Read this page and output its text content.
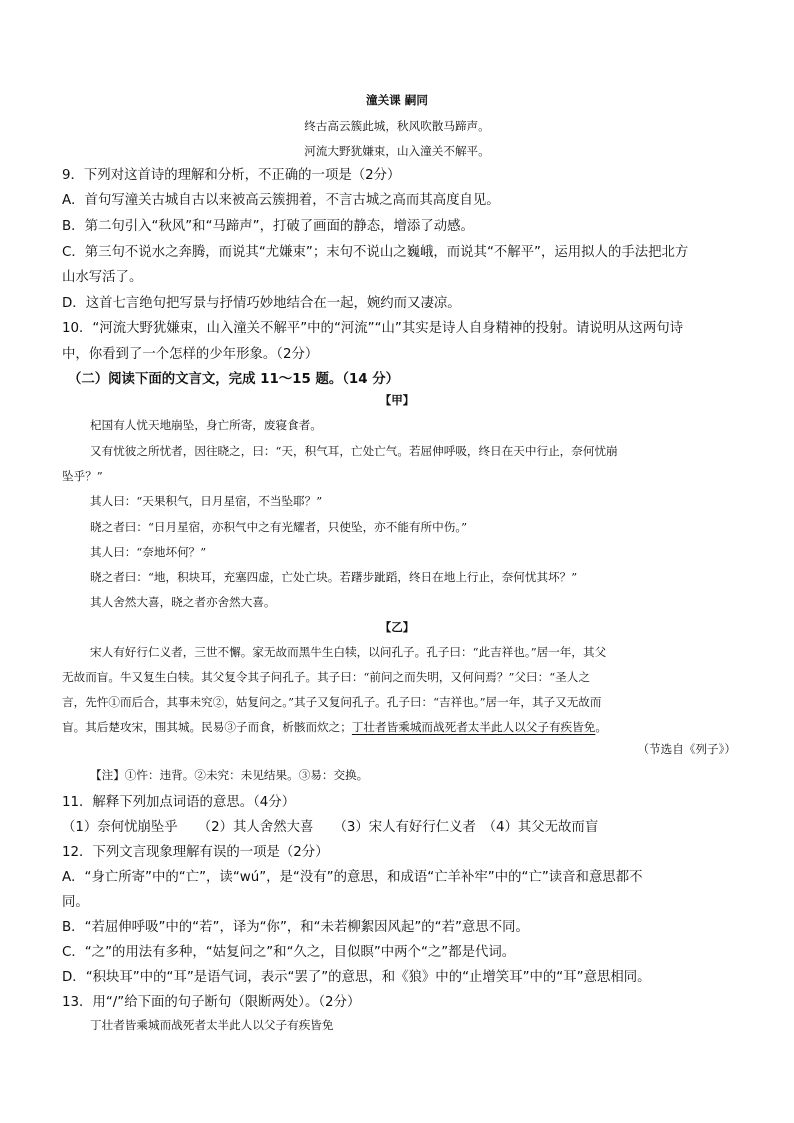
潼关课 嗣同
终古高云簇此城，秋风吹散马蹄声。
河流大野犹嫌束，山入潼关不解平。
9．下列对这首诗的理解和分析，不正确的一项是（2分）
A．首句写潼关古城自古以来被高云簇拥着，不言古城之高而其高度自见。
B．第二句引入“秋风”和“马蹄声”，打破了画面的静态，增添了动感。
C．第三句不说水之奔腾，而说其“尤嫌束”；末句不说山之巍峨，而说其“不解平”，运用拟人的手法把北方
山水写活了。
D．这首七言绝句把写景与抒情巧妙地结合在一起，婉约而又凄凉。
10．“河流大野犹嫌束，山入潼关不解平”中的“河流”“山”其实是诗人自身精神的投射。请说明从这两句诗
中，你看到了一个怎样的少年形象。（2分）
（二）阅读下面的文言文，完成 11～15 题。（14 分）
【甲】
杞国有人忧天地崩坠，身亡所寄，废寝食者。
又有忧彼之所忧者，因往晓之，曰：“天，积气耳，亡处亡气。若屈伸呼吸，终日在天中行止，奈何忧崩
坠乎？”
其人曰：“天果积气，日月星宿，不当坠耶？”
晓之者曰：“日月星宿，亦积气中之有光耀者，只使坠，亦不能有所中伤。”
其人曰：“奈地坏何？”
晓之者曰：“地，积块耳，充塞四虚，亡处亡块。若躇步跐蹈，终日在地上行止，奈何忧其坏？”
其人舍然大喜，晓之者亦舍然大喜。
【乙】
宋人有好行仁义者，三世不懈。家无故而黑牛生白犊，以问孔子。孔子曰：“此吉祥也。”居一年，其父
无故而盲。牛又复生白犊。其父复令其子问孔子。其子曰：“前问之而失明，又何问焉？”父曰：“圣人之
言，先忤①而后合，其事未究②，姑复问之。”其子又复问孔子。孔子曰：“吉祥也。”居一年，其子又无故而
盲。其后楚攻宋，围其城。民易③子而食，析骸而炊之；丁壮者皆乘城而战死者太半此人以父子有疾皆免。
（节选自《列子》）
【注】①忤：违背。②未究：未见结果。③易：交换。
11．解释下列加点词语的意思。（4分）
（1）奈何忧崩坠乎　　（2）其人舍然大喜　　（3）宋人有好行仁义者　（4）其父无故而盲
12．下列文言现象理解有误的一项是（2分）
A．“身亡所寄”中的“亡”，读“wú”，是“没有”的意思，和成语“亡羊补牢”中的“亡”读音和意思都不
同。
B．“若屈伸呼吸”中的“若”，译为“你”，和“未若柳絮因风起”的“若”意思不同。
C．“之”的用法有多种，“姑复问之”和“久之，目似瞑”中两个“之”都是代词。
D．“积块耳”中的“耳”是语气词，表示“罢了”的意思，和《狼》中的“止增笑耳”中的“耳”意思相同。
13．用“/”给下面的句子断句（限断两处）。（2分）
丁壮者皆乘城而战死者太半此人以父子有疾皆免
